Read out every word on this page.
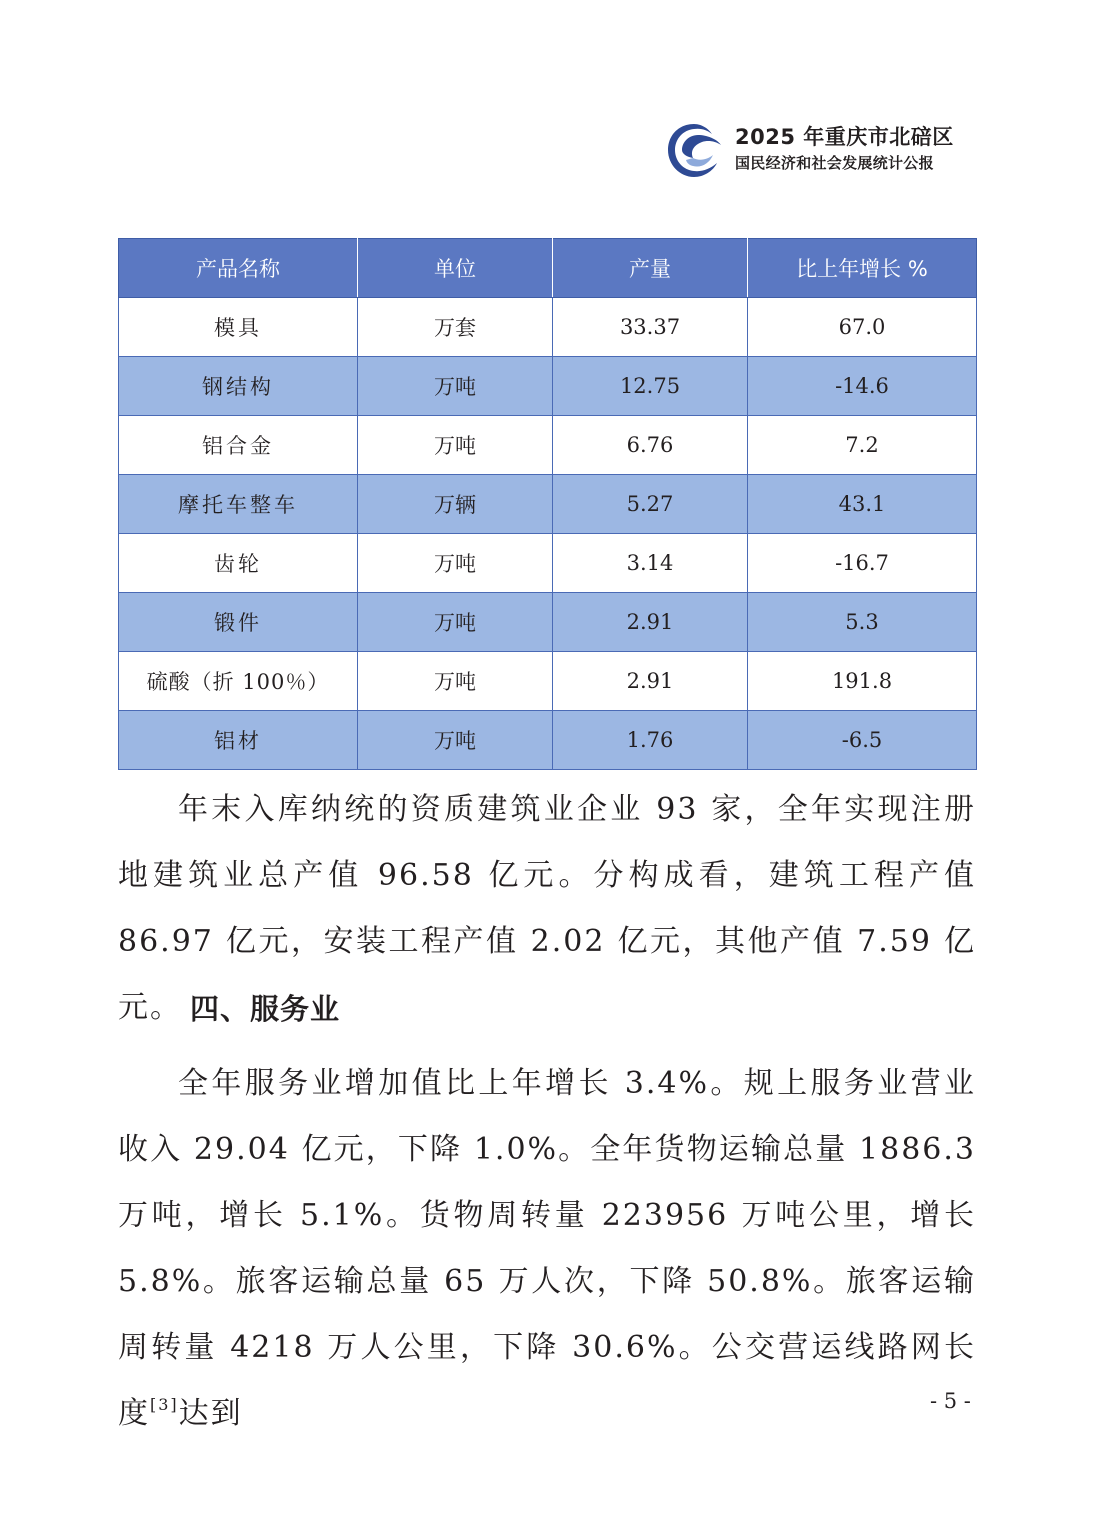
2025 年重庆市北碚区
国民经济和社会发展统计公报
产品名称	单位	产量	比上年增长 %
模具	万套	33.37	67.0
钢结构	万吨	12.75	-14.6
铝合金	万吨	6.76	7.2
摩托车整车	万辆	5.27	43.1
齿轮	万吨	3.14	-16.7
锻件	万吨	2.91	5.3
硫酸（折 100％）	万吨	2.91	191.8
铝材	万吨	1.76	-6.5

年末入库纳统的资质建筑业企业 93 家，全年实现注册地建筑业总产值 96.58 亿元。分构成看，建筑工程产值 86.97 亿元，安装工程产值 2.02 亿元，其他产值 7.59 亿元。 四、服务业

全年服务业增加值比上年增长 3.4%。规上服务业营业收入 29.04 亿元，下降 1.0%。全年货物运输总量 1886.3 万吨，增长 5.1%。货物周转量 223956 万吨公里，增长 5.8%。旅客运输总量 65 万人次，下降 50.8%。旅客运输周转量 4218 万人公里，下降 30.6%。公交营运线路网长度[3]达到	- 5 -
